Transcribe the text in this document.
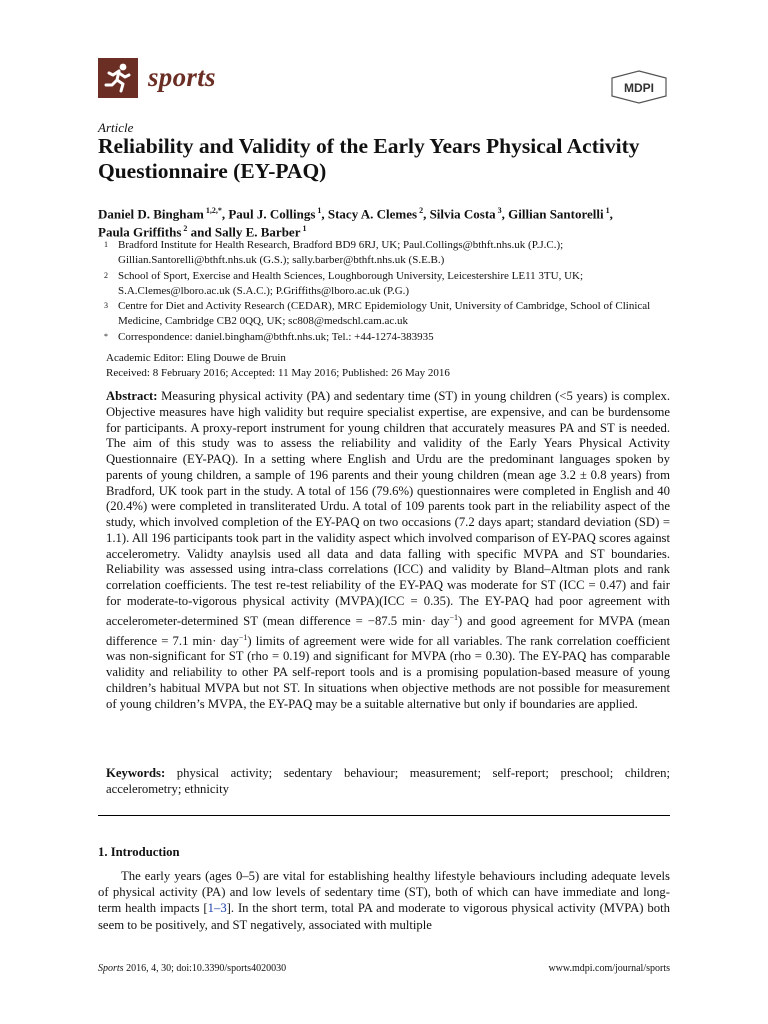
sports	MDPI
Article
Reliability and Validity of the Early Years Physical Activity Questionnaire (EY-PAQ)
Daniel D. Bingham $^{1,2,*}$, Paul J. Collings $^1$, Stacy A. Clemes $^2$, Silvia Costa $^3$, Gillian Santorelli $^1$,
Paula Griffiths $^2$ and Sally E. Barber $^1$
1 Bradford Institute for Health Research, Bradford BD9 6RJ, UK; Paul.Collings@bthft.nhs.uk (P.J.C.); Gillian.Santorelli@bthft.nhs.uk (G.S.); sally.barber@bthft.nhs.uk (S.E.B.)
2 School of Sport, Exercise and Health Sciences, Loughborough University, Leicestershire LE11 3TU, UK; S.A.Clemes@lboro.ac.uk (S.A.C.); P.Griffiths@lboro.ac.uk (P.G.)
3 Centre for Diet and Activity Research (CEDAR), MRC Epidemiology Unit, University of Cambridge, School of Clinical Medicine, Cambridge CB2 0QQ, UK; sc808@medschl.cam.ac.uk
* Correspondence: daniel.bingham@bthft.nhs.uk; Tel.: +44-1274-383935
Academic Editor: Eling Douwe de Bruin
Received: 8 February 2016; Accepted: 11 May 2016; Published: 26 May 2016
Abstract: Measuring physical activity (PA) and sedentary time (ST) in young children (<5 years) is complex. Objective measures have high validity but require specialist expertise, are expensive, and can be burdensome for participants. A proxy-report instrument for young children that accurately measures PA and ST is needed. The aim of this study was to assess the reliability and validity of the Early Years Physical Activity Questionnaire (EY-PAQ). In a setting where English and Urdu are the predominant languages spoken by parents of young children, a sample of 196 parents and their young children (mean age 3.2 ± 0.8 years) from Bradford, UK took part in the study. A total of 156 (79.6%) questionnaires were completed in English and 40 (20.4%) were completed in transliterated Urdu. A total of 109 parents took part in the reliability aspect of the study, which involved completion of the EY-PAQ on two occasions (7.2 days apart; standard deviation (SD) = 1.1). All 196 participants took part in the validity aspect which involved comparison of EY-PAQ scores against accelerometry. Validty anaylsis used all data and data falling with specific MVPA and ST boundaries. Reliability was assessed using intra-class correlations (ICC) and validity by Bland–Altman plots and rank correlation coefficients. The test re-test reliability of the EY-PAQ was moderate for ST (ICC = 0.47) and fair for moderate-to-vigorous physical activity (MVPA)(ICC = 0.35). The EY-PAQ had poor agreement with accelerometer-determined ST (mean difference = −87.5 min· day$^{-1}$) and good agreement for MVPA (mean difference = 7.1 min· day$^{-1}$) limits of agreement were wide for all variables. The rank correlation coefficient was non-significant for ST (rho = 0.19) and significant for MVPA (rho = 0.30). The EY-PAQ has comparable validity and reliability to other PA self-report tools and is a promising population-based measure of young children’s habitual MVPA but not ST. In situations when objective methods are not possible for measurement of young children’s MVPA, the EY-PAQ may be a suitable alternative but only if boundaries are applied.
Keywords: physical activity; sedentary behaviour; measurement; self-report; preschool; children; accelerometry; ethnicity
1. Introduction
The early years (ages 0–5) are vital for establishing healthy lifestyle behaviours including adequate levels of physical activity (PA) and low levels of sedentary time (ST), both of which can have immediate and long-term health impacts [1–3]. In the short term, total PA and moderate to vigorous physical activity (MVPA) both seem to be positively, and ST negatively, associated with multiple
Sports 2016, 4, 30; doi:10.3390/sports4020030	www.mdpi.com/journal/sports
